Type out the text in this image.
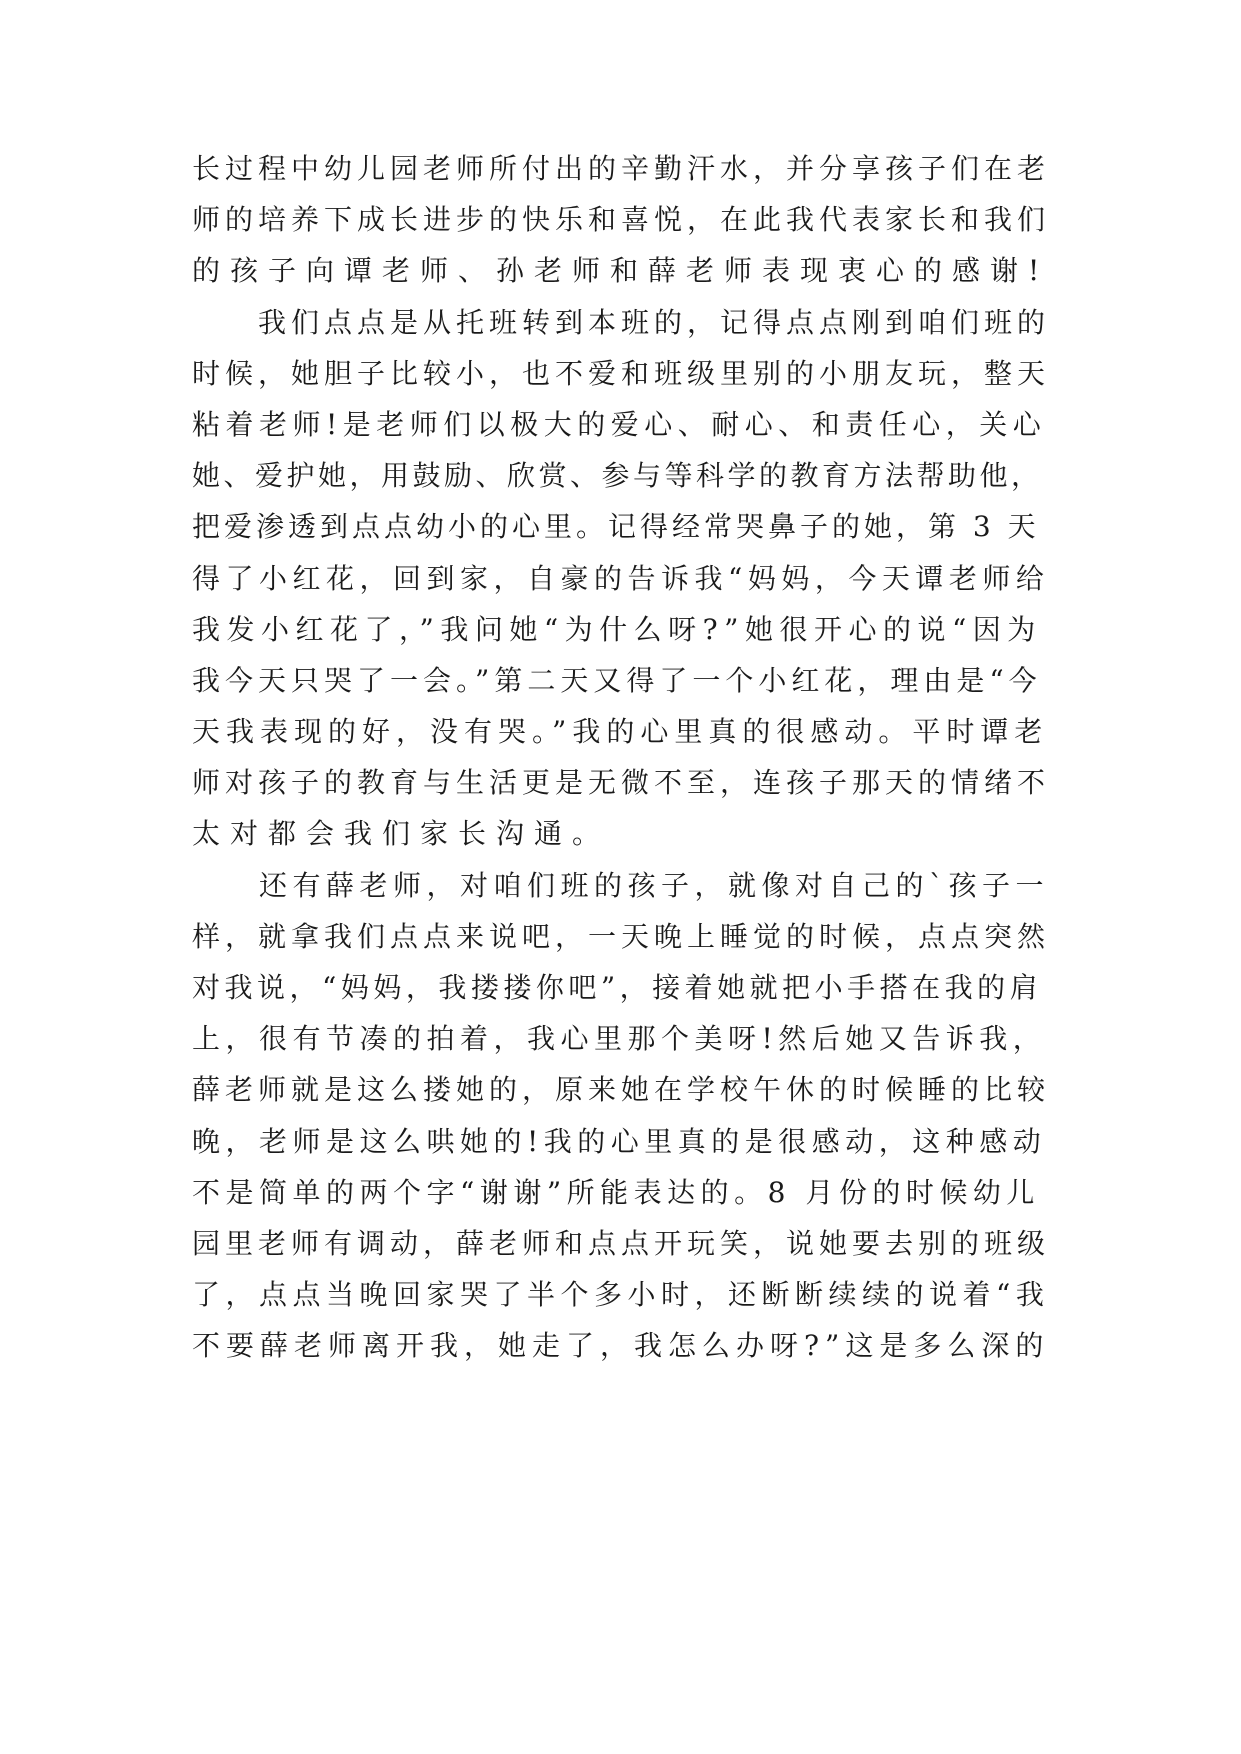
长过程中幼儿园老师所付出的辛勤汗水，并分享孩子们在老
师的培养下成长进步的快乐和喜悦，在此我代表家长和我们
的孩子向谭老师、孙老师和薛老师表现衷心的感谢!
　　我们点点是从托班转到本班的，记得点点刚到咱们班的
时候，她胆子比较小，也不爱和班级里别的小朋友玩，整天
粘着老师!是老师们以极大的爱心、耐心、和责任心，关心
她、爱护她，用鼓励、欣赏、参与等科学的教育方法帮助他，
把爱渗透到点点幼小的心里。记得经常哭鼻子的她，第 3 天
得了小红花，回到家，自豪的告诉我“妈妈，今天谭老师给
我发小红花了，”我问她“为什么呀?”她很开心的说“因为
我今天只哭了一会。”第二天又得了一个小红花，理由是“今
天我表现的好，没有哭。”我的心里真的很感动。平时谭老
师对孩子的教育与生活更是无微不至，连孩子那天的情绪不
太对都会我们家长沟通。
　　还有薛老师，对咱们班的孩子，就像对自己的`孩子一
样，就拿我们点点来说吧，一天晚上睡觉的时候，点点突然
对我说，“妈妈，我搂搂你吧”，接着她就把小手搭在我的肩
上，很有节凑的拍着，我心里那个美呀!然后她又告诉我，
薛老师就是这么搂她的，原来她在学校午休的时候睡的比较
晚，老师是这么哄她的!我的心里真的是很感动，这种感动
不是简单的两个字“谢谢”所能表达的。8 月份的时候幼儿
园里老师有调动，薛老师和点点开玩笑，说她要去别的班级
了，点点当晚回家哭了半个多小时，还断断续续的说着“我
不要薛老师离开我，她走了，我怎么办呀?”这是多么深的
